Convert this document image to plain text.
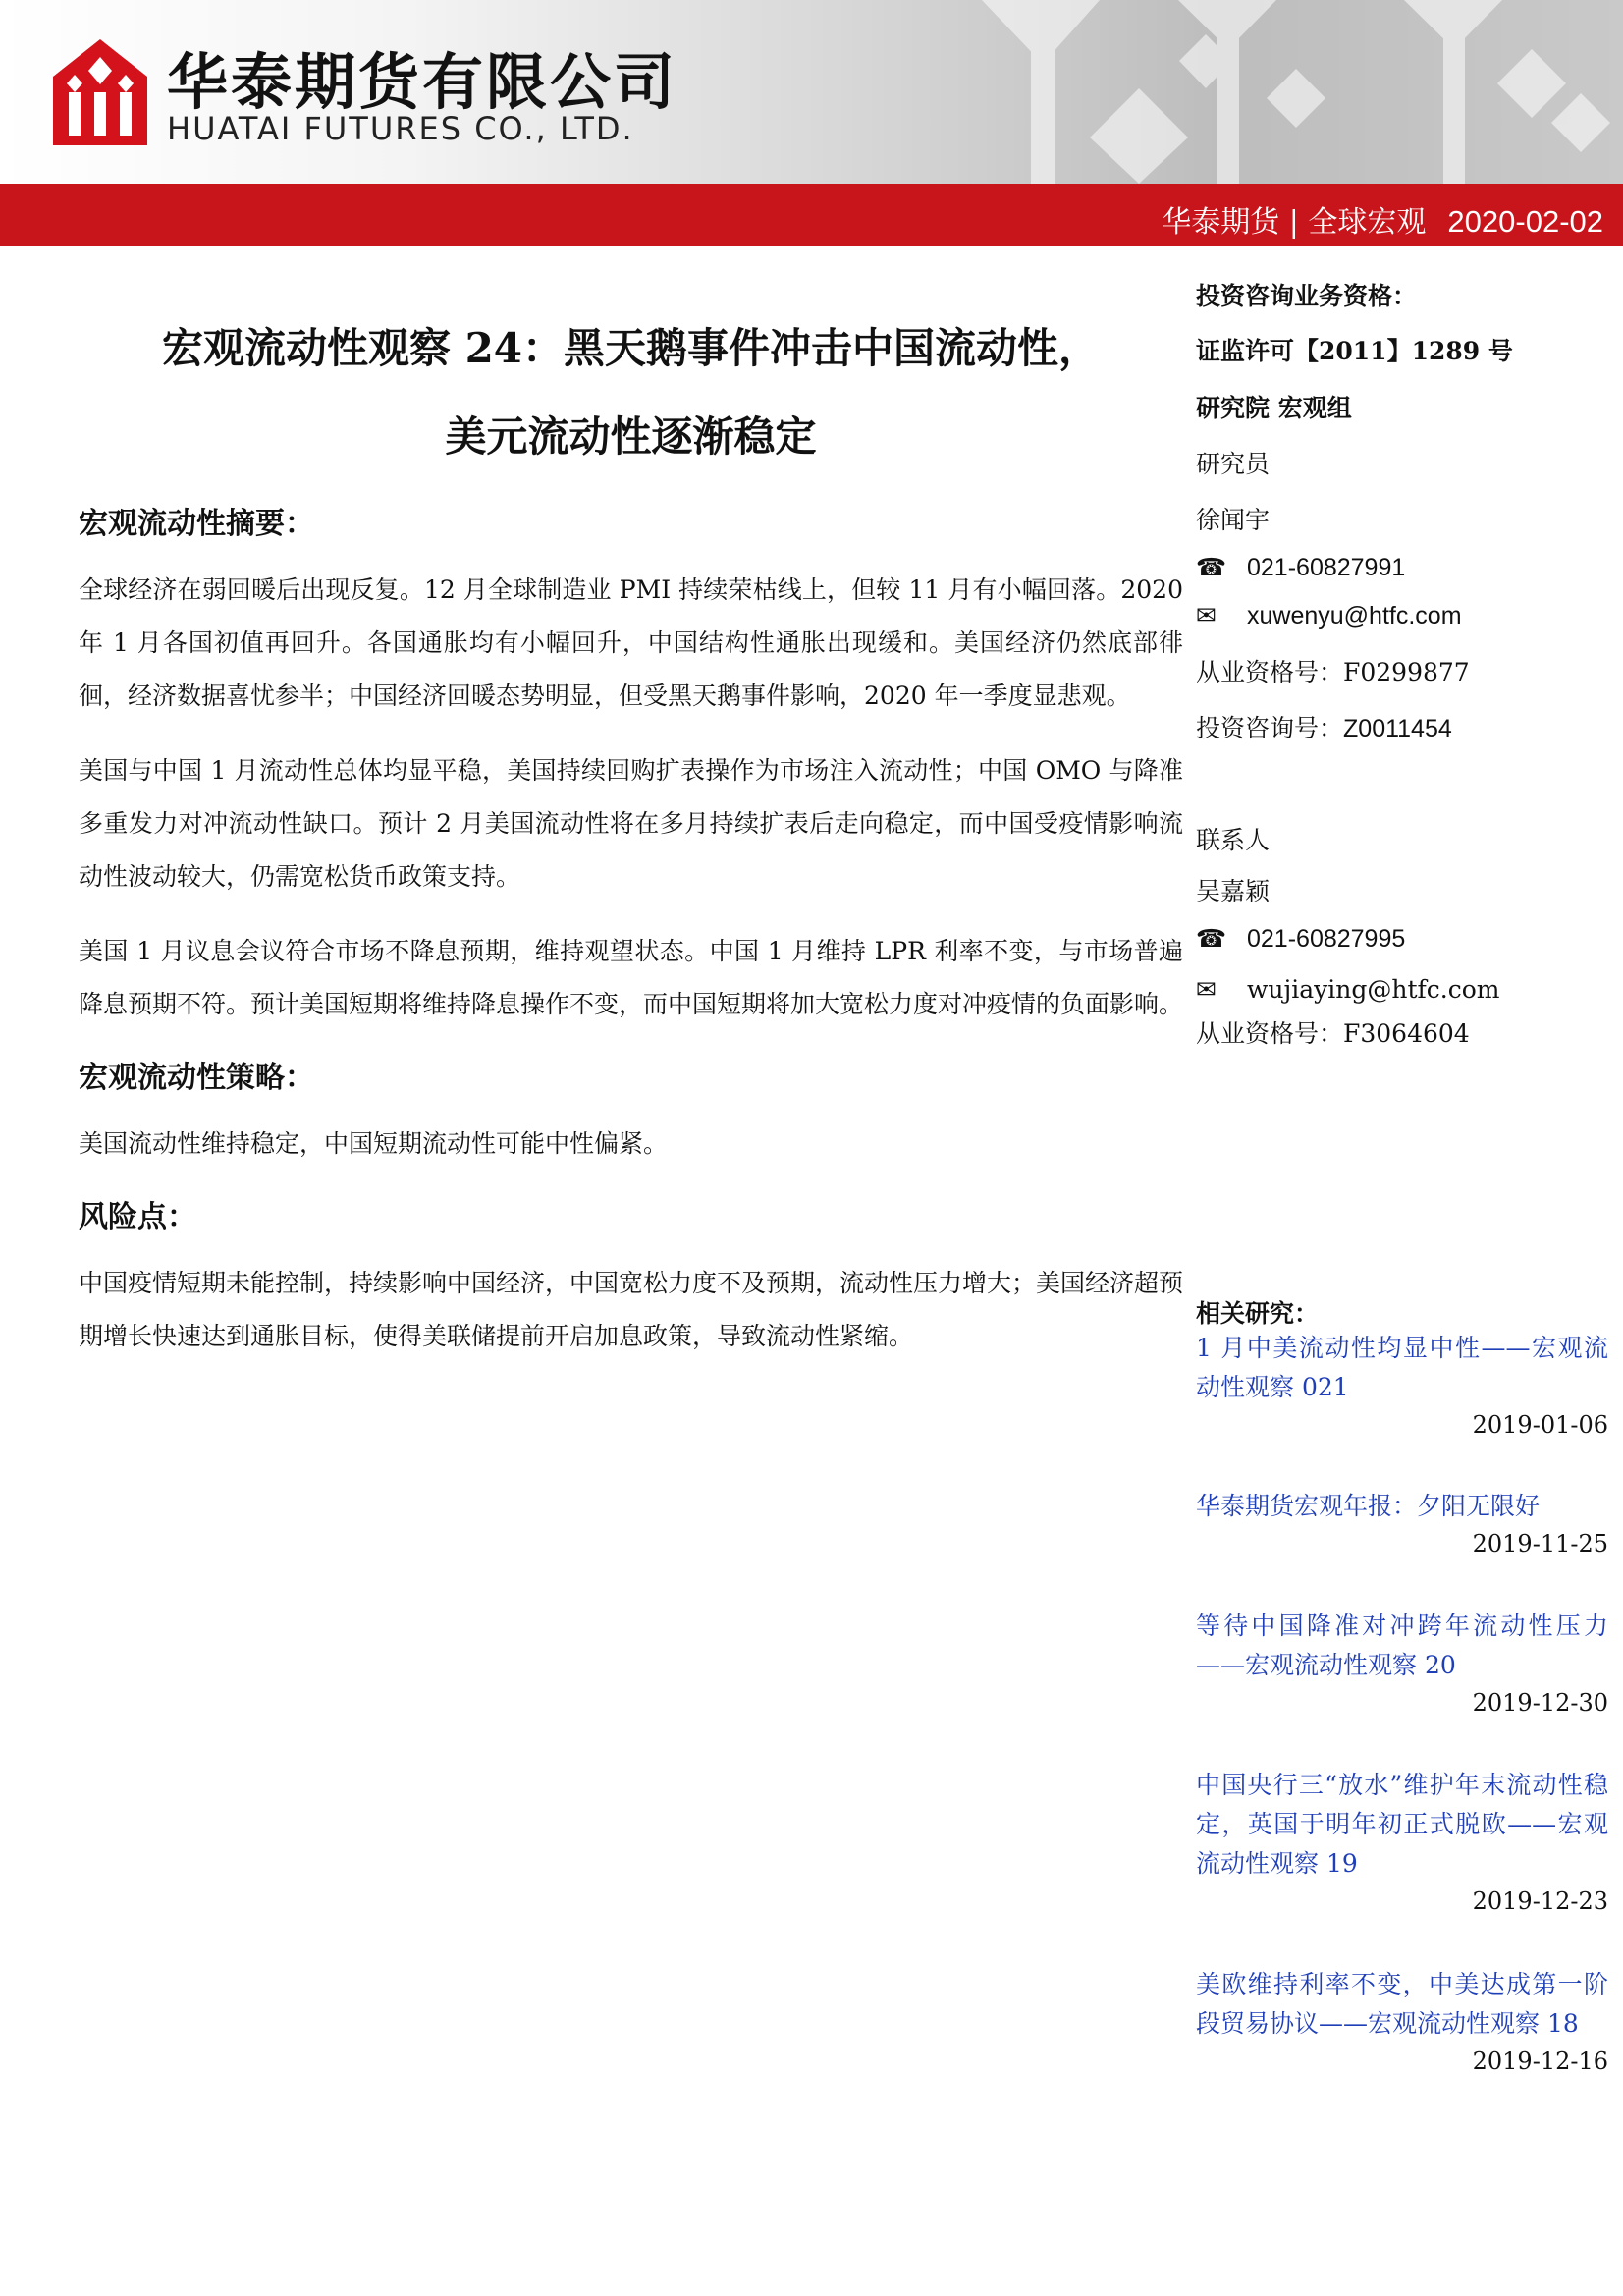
华泰期货有限公司
HUATAI FUTURES CO., LTD.
华泰期货 | 全球宏观 2020-02-02
宏观流动性观察 24：黑天鹅事件冲击中国流动性，
美元流动性逐渐稳定
宏观流动性摘要：

全球经济在弱回暖后出现反复。12 月全球制造业 PMI 持续荣枯线上，但较 11 月有小幅回落。2020 年 1 月各国初值再回升。各国通胀均有小幅回升，中国结构性通胀出现缓和。美国经济仍然底部徘徊，经济数据喜忧参半；中国经济回暖态势明显，但受黑天鹅事件影响，2020 年一季度显悲观。

美国与中国 1 月流动性总体均显平稳，美国持续回购扩表操作为市场注入流动性；中国 OMO 与降准多重发力对冲流动性缺口。预计 2 月美国流动性将在多月持续扩表后走向稳定，而中国受疫情影响流动性波动较大，仍需宽松货币政策支持。

美国 1 月议息会议符合市场不降息预期，维持观望状态。中国 1 月维持 LPR 利率不变，与市场普遍降息预期不符。预计美国短期将维持降息操作不变，而中国短期将加大宽松力度对冲疫情的负面影响。

宏观流动性策略：

美国流动性维持稳定，中国短期流动性可能中性偏紧。

风险点：

中国疫情短期未能控制，持续影响中国经济，中国宽松力度不及预期，流动性压力增大；美国经济超预期增长快速达到通胀目标，使得美联储提前开启加息政策，导致流动性紧缩。

投资咨询业务资格：
证监许可【2011】1289 号
研究院 宏观组
研究员
徐闻宇
☎ 021-60827991
✉ xuwenyu@htfc.com
从业资格号：F0299877
投资咨询号：Z0011454
联系人
吴嘉颖
☎ 021-60827995
✉ wujiaying@htfc.com
从业资格号：F3064604
相关研究：
1 月中美流动性均显中性——宏观流动性观察 021
2019-01-06
华泰期货宏观年报：夕阳无限好
2019-11-25
等待中国降准对冲跨年流动性压力——宏观流动性观察 20
2019-12-30
中国央行三“放水”维护年末流动性稳定，英国于明年初正式脱欧——宏观流动性观察 19
2019-12-23
美欧维持利率不变，中美达成第一阶段贸易协议——宏观流动性观察 18
2019-12-16
